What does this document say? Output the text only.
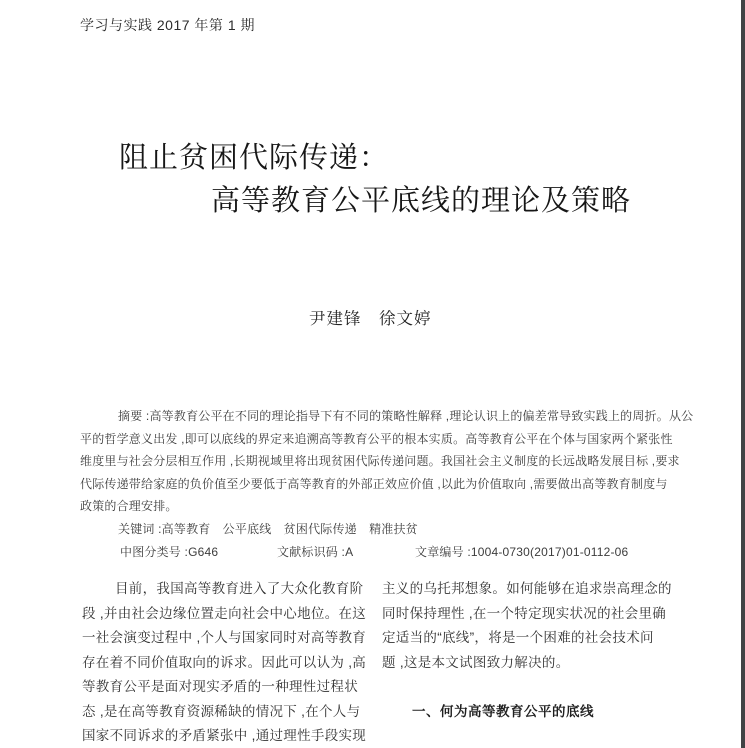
学习与实践 2017 年第 1 期
阻止贫困代际传递：
高等教育公平底线的理论及策略
尹建锋　徐文婷
摘要 :高等教育公平在不同的理论指导下有不同的策略性解释 ,理论认识上的偏差常导致实践上的周折。从公
平的哲学意义出发 ,即可以底线的界定来追溯高等教育公平的根本实质。高等教育公平在个体与国家两个紧张性
维度里与社会分层相互作用 ,长期视域里将出现贫困代际传递问题。我国社会主义制度的长远战略发展目标 ,要求
代际传递带给家庭的负价值至少要低于高等教育的外部正效应价值 ,以此为价值取向 ,需要做出高等教育制度与
政策的合理安排。
关键词 :高等教育　公平底线　贫困代际传递　精准扶贫
中图分类号 :G646	文献标识码 :A	文章编号 :1004-0730(2017)01-0112-06
目前，我国高等教育进入了大众化教育阶
段 ,并由社会边缘位置走向社会中心地位。在这
一社会演变过程中 ,个人与国家同时对高等教育
存在着不同价值取向的诉求。因此可以认为 ,高
等教育公平是面对现实矛盾的一种理性过程状
态 ,是在高等教育资源稀缺的情况下 ,在个人与
国家不同诉求的矛盾紧张中 ,通过理性手段实现
主义的乌托邦想象。如何能够在追求崇高理念的
同时保持理性 ,在一个特定现实状况的社会里确
定适当的“底线”，将是一个困难的社会技术问
题 ,这是本文试图致力解决的。
一、何为高等教育公平的底线
